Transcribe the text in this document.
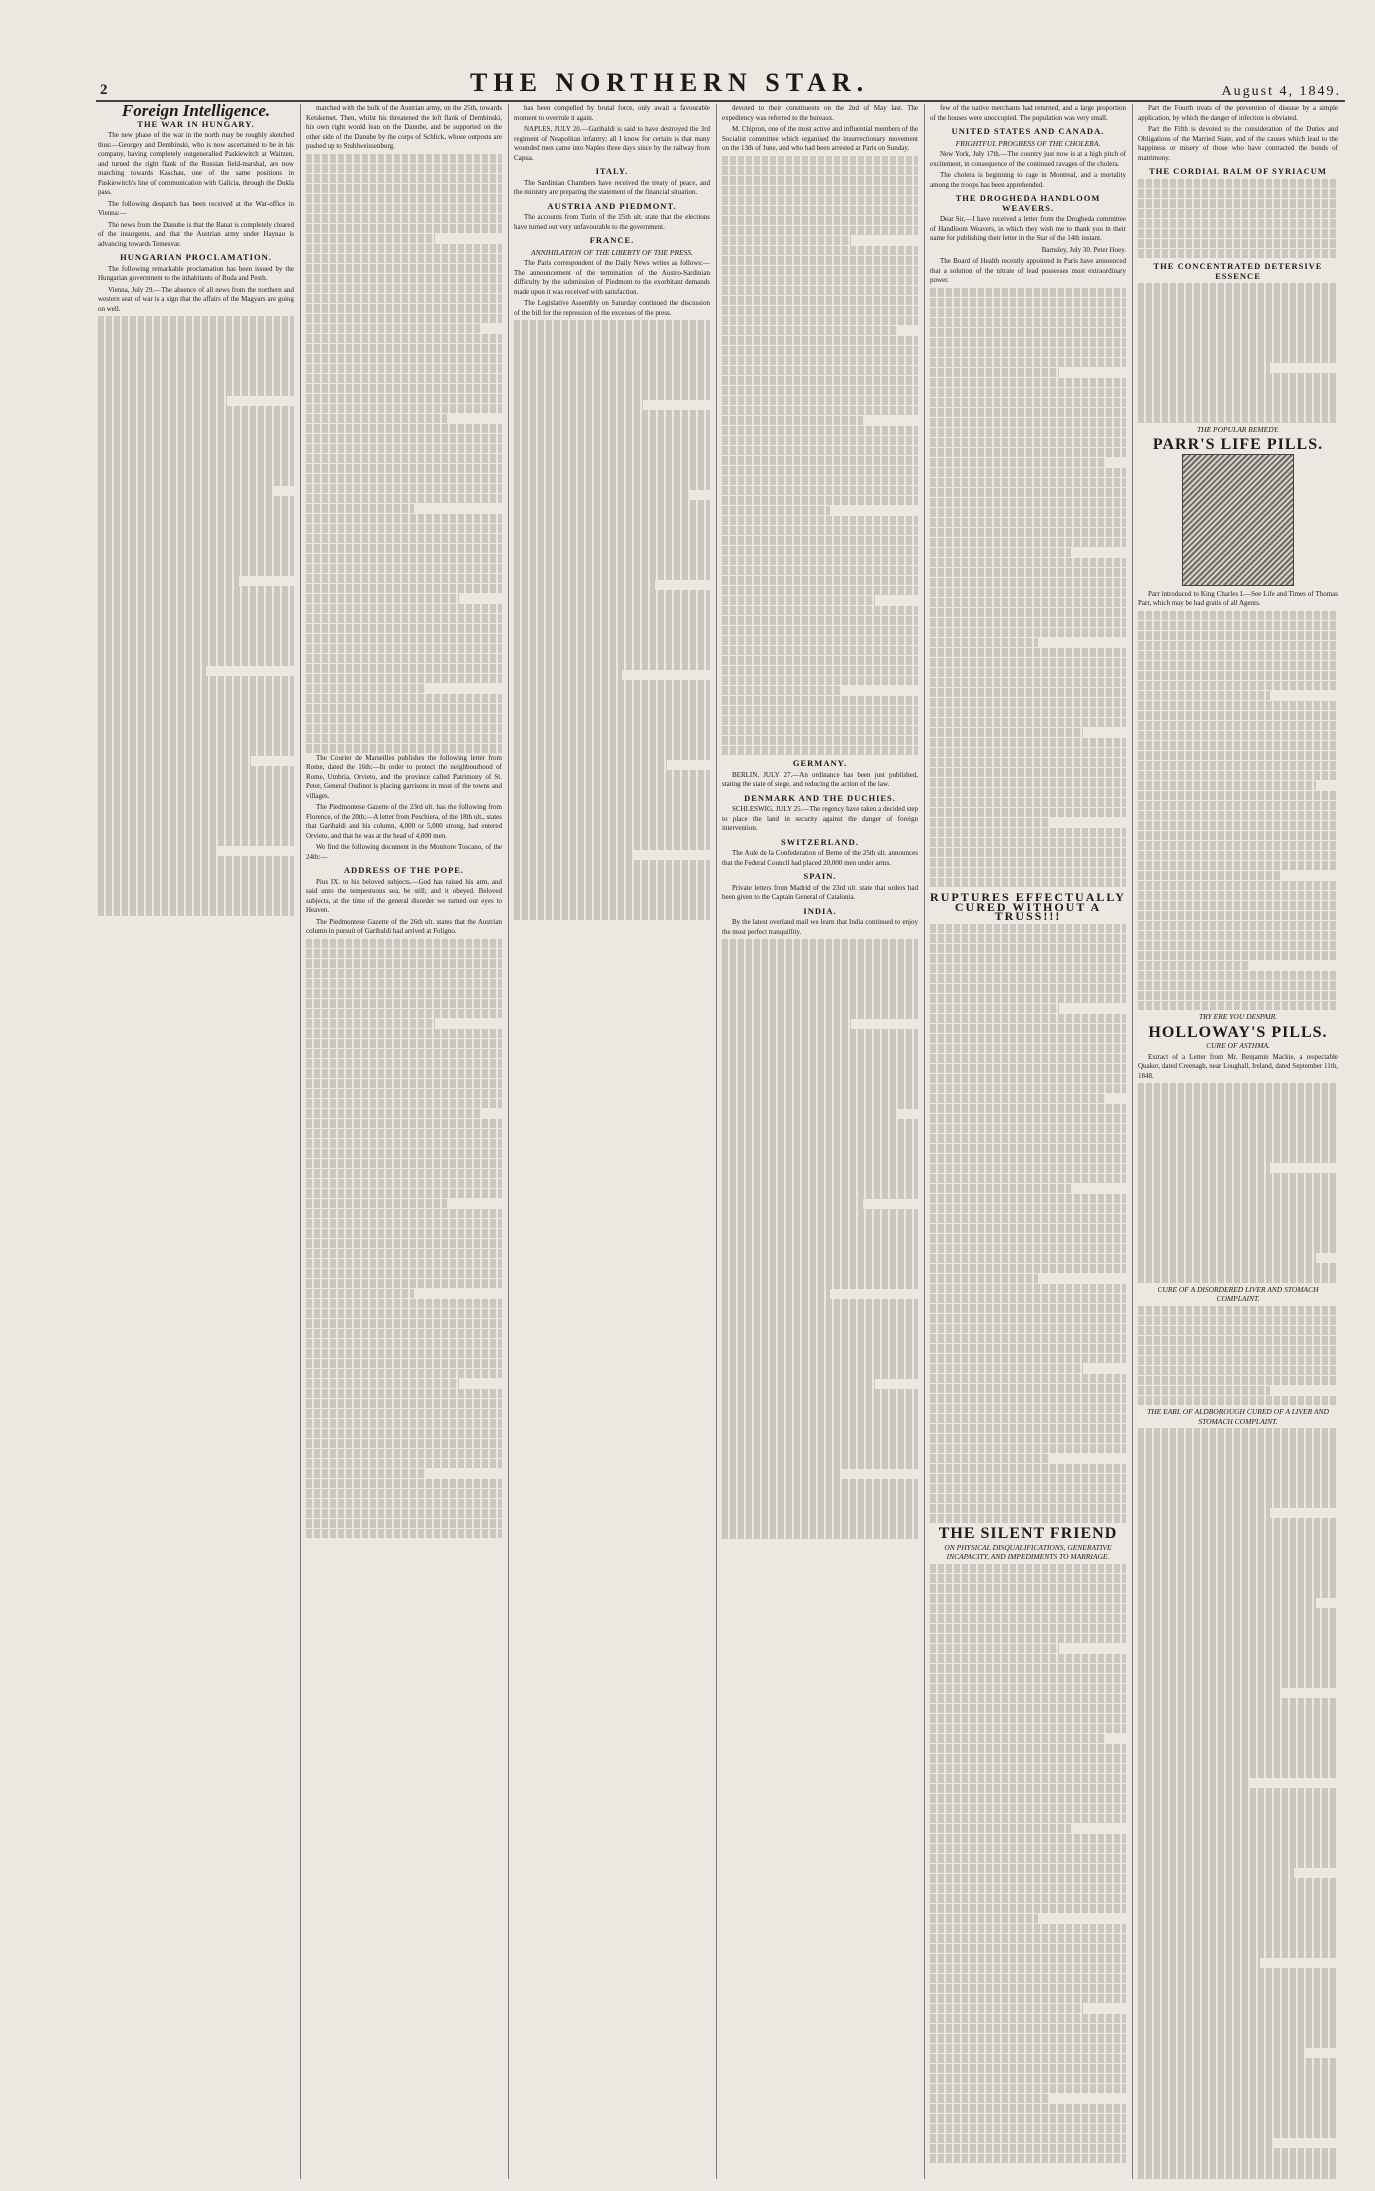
2	THE NORTHERN STAR.	August 4, 1849.
Foreign Intelligence.
THE WAR IN HUNGARY.

The new phase of the war in the north may be roughly sketched thus:—Georgey and Dembinski, who is now ascertained to be in his company, having completely outgeneralled Paskiewitch at Waitzen, and turned the right flank of the Russian field-marshal, are now marching towards Kaschau, one of the same positions in Paskiewitch's line of communication with Galicia, through the Dukla pass.

The following despatch has been received at the War-office in Vienna:—

The news from the Danube is that the Banat is completely cleared of the insurgents, and that the Austrian army under Haynau is advancing towards Temesvar.

HUNGARIAN PROCLAMATION.

The following remarkable proclamation has been issued by the Hungarian government to the inhabitants of Buda and Pesth.

Vienna, July 29.—The absence of all news from the northern and western seat of war is a sign that the affairs of the Magyars are going on well.

marched with the bulk of the Austrian army, on the 25th, towards Ketskemet. Then, whilst his threatened the left flank of Dembinski, his own right would lean on the Danube, and be supported on the other side of the Danube by the corps of Schlick, whose outposts are pushed up to Stuhlweissenburg.

The Courier de Marseilles publishes the following letter from Rome, dated the 16th:—In order to protect the neighbourhood of Rome, Umbria, Orvieto, and the province called Patrimony of St. Peter, General Oudinot is placing garrisons in most of the towns and villages.

The Piedmontese Gazette of the 23rd ult. has the following from Florence, of the 20th:—A letter from Peschiera, of the 18th ult., states that Garibaldi and his column, 4,000 or 5,000 strong, had entered Orvieto, and that he was at the head of 4,000 men.

We find the following document in the Monitore Toscano, of the 24th:—

ADDRESS OF THE POPE.

Pius IX. to his beloved subjects.—God has raised his arm, and said unto the tempestuous sea, be still; and it obeyed. Beloved subjects, at the time of the general disorder we turned our eyes to Heaven.

The Piedmontese Gazette of the 26th ult. states that the Austrian column in pursuit of Garibaldi had arrived at Foligno.

has been compelled by brutal force, only await a favourable moment to overrule it again.

NAPLES, JULY 20.—Garibaldi is said to have destroyed the 3rd regiment of Neapolitan infantry; all I know for certain is that many wounded men came into Naples three days since by the railway from Capua.

ITALY.

The Sardinian Chambers have received the treaty of peace, and the ministry are preparing the statement of the financial situation.

AUSTRIA AND PIEDMONT.

The accounts from Turin of the 25th ult. state that the elections have turned out very unfavourable to the government.

FRANCE.
ANNIHILATION OF THE LIBERTY OF THE PRESS.

The Paris correspondent of the Daily News writes as follows:—The announcement of the termination of the Austro-Sardinian difficulty by the submission of Piedmont to the exorbitant demands made upon it was received with satisfaction.

The Legislative Assembly on Saturday continued the discussion of the bill for the repression of the excesses of the press.

devoted to their constituents on the 2nd of May last. The expediency was referred to the bureaux.

M. Chipron, one of the most active and influential members of the Socialist committee which organised the insurrectionary movement on the 13th of June, and who had been arrested at Paris on Sunday.

GERMANY.

BERLIN, JULY 27.—An ordinance has been just published, stating the state of siege, and reducing the action of the law.

DENMARK AND THE DUCHIES.

SCHLESWIG, JULY 25.—The regency have taken a decided step to place the land in security against the danger of foreign intervention.

SWITZERLAND.

The Aule de la Confederation of Berne of the 25th ult. announces that the Federal Council had placed 20,000 men under arms.

SPAIN.

Private letters from Madrid of the 23rd ult. state that orders had been given to the Captain General of Catalonia.

INDIA.

By the latest overland mail we learn that India continued to enjoy the most perfect tranquillity.

few of the native merchants had returned, and a large proportion of the houses were unoccupied. The population was very small.

UNITED STATES AND CANADA.
FRIGHTFUL PROGRESS OF THE CHOLERA.

New York, July 17th.—The country just now is at a high pitch of excitement, in consequence of the continued ravages of the cholera.

The cholera is beginning to rage in Montreal, and a mortality among the troops has been apprehended.

THE DROGHEDA HANDLOOM WEAVERS.

Dear Sir,—I have received a letter from the Drogheda committee of Handloom Weavers, in which they wish me to thank you in their name for publishing their letter in the Star of the 14th instant.

Barnsley, July 30. Peter Hoey.

The Board of Health recently appointed in Paris have announced that a solution of the nitrate of lead possesses most extraordinary power.

RUPTURES EFFECTUALLY CURED WITHOUT A TRUSS!!!
THE SILENT FRIEND
ON PHYSICAL DISQUALIFICATIONS, GENERATIVE INCAPACITY, AND IMPEDIMENTS TO MARRIAGE.

Part the Fourth treats of the prevention of disease by a simple application, by which the danger of infection is obviated.

Part the Fifth is devoted to the consideration of the Duties and Obligations of the Married State, and of the causes which lead to the happiness or misery of those who have contracted the bonds of matrimony.

THE CORDIAL BALM OF SYRIACUM
THE CONCENTRATED DETERSIVE ESSENCE
THE POPULAR REMEDY.
PARR'S LIFE PILLS.

Parr introduced to King Charles I.—See Life and Times of Thomas Parr, which may be had gratis of all Agents.

TRY ERE YOU DESPAIR.
HOLLOWAY'S PILLS.
CURE OF ASTHMA.

Extract of a Letter from Mr. Benjamin Mackie, a respectable Quaker, dated Creenagh, near Loughall, Ireland, dated September 11th, 1848.

CURE OF A DISORDERED LIVER AND STOMACH COMPLAINT.
THE EARL OF ALDBOROUGH CURED OF A LIVER AND STOMACH COMPLAINT.
